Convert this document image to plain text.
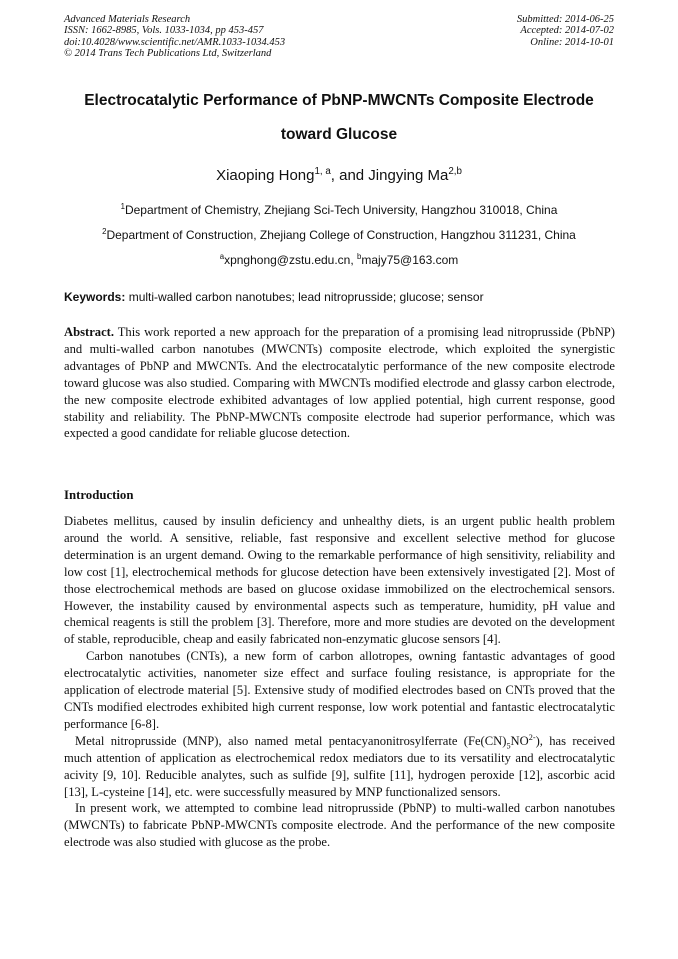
Advanced Materials Research
ISSN: 1662-8985, Vols. 1033-1034, pp 453-457
doi:10.4028/www.scientific.net/AMR.1033-1034.453
© 2014 Trans Tech Publications Ltd, Switzerland
Submitted: 2014-06-25
Accepted: 2014-07-02
Online: 2014-10-01
Electrocatalytic Performance of PbNP-MWCNTs Composite Electrode
toward Glucose
Xiaoping Hong$^{1, a}$, and Jingying Ma$^{2,b}$
$^1$Department of Chemistry, Zhejiang Sci-Tech University, Hangzhou 310018, China
$^2$Department of Construction, Zhejiang College of Construction, Hangzhou 311231, China
$^a$xpnghong@zstu.edu.cn, $^b$majy75@163.com
Keywords: multi-walled carbon nanotubes; lead nitroprusside; glucose; sensor

Abstract. This work reported a new approach for the preparation of a promising lead nitroprusside (PbNP) and multi-walled carbon nanotubes (MWCNTs) composite electrode, which exploited the synergistic advantages of PbNP and MWCNTs. And the electrocatalytic performance of the new composite electrode toward glucose was also studied. Comparing with MWCNTs modified electrode and glassy carbon electrode, the new composite electrode exhibited advantages of low applied potential, high current response, good stability and reliability. The PbNP-MWCNTs composite electrode had superior performance, which was expected a good candidate for reliable glucose detection.

Introduction

Diabetes mellitus, caused by insulin deficiency and unhealthy diets, is an urgent public health problem around the world. A sensitive, reliable, fast responsive and excellent selective method for glucose determination is an urgent demand. Owing to the remarkable performance of high sensitivity, reliability and low cost [1], electrochemical methods for glucose detection have been extensively investigated [2]. Most of those electrochemical methods are based on glucose oxidase immobilized on the electrochemical sensors. However, the instability caused by environmental aspects such as temperature, humidity, pH value and chemical reagents is still the problem [3]. Therefore, more and more studies are devoted on the development of stable, reproducible, cheap and easily fabricated non-enzymatic glucose sensors [4].

Carbon nanotubes (CNTs), a new form of carbon allotropes, owning fantastic advantages of good electrocatalytic activities, nanometer size effect and surface fouling resistance, is appropriate for the application of electrode material [5]. Extensive study of modified electrodes based on CNTs proved that the CNTs modified electrodes exhibited high current response, low work potential and fantastic electrocatalytic performance [6-8].

Metal nitroprusside (MNP), also named metal pentacyanonitrosylferrate $(Fe(CN)_5NO^{2-})$, has received much attention of application as electrochemical redox mediators due to its versatility and electrocatalytic acivity [9, 10]. Reducible analytes, such as sulfide [9], sulfite [11], hydrogen peroxide [12], ascorbic acid [13], L-cysteine [14], etc. were successfully measured by MNP functionalized sensors.

In present work, we attempted to combine lead nitroprusside (PbNP) to multi-walled carbon nanotubes (MWCNTs) to fabricate PbNP-MWCNTs composite electrode. And the performance of the new composite electrode was also studied with glucose as the probe.
